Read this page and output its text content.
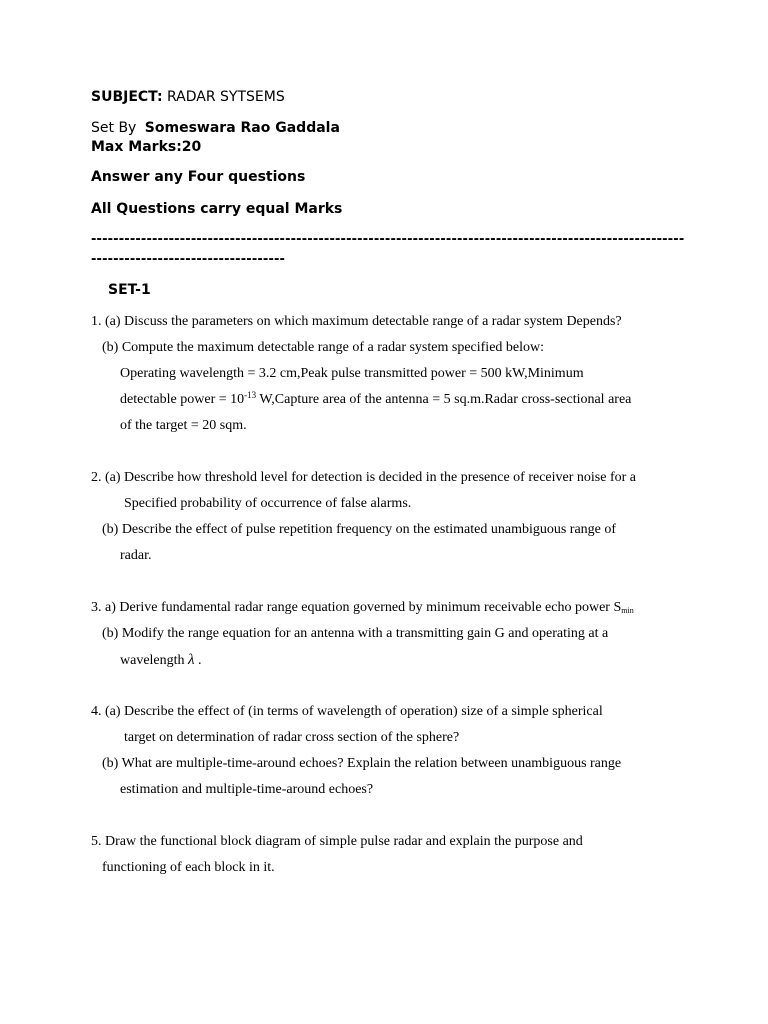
SUBJECT: RADAR SYTSEMS
Set By Someswara Rao Gaddala
Max Marks:20
Answer any Four questions
All Questions carry equal Marks
-----------------------------------------------------------------------------------------------------------
-----------------------------------
SET-1
1. (a) Discuss the parameters on which maximum detectable range of a radar system Depends?
(b) Compute the maximum detectable range of a radar system specified below:
Operating wavelength = 3.2 cm,Peak pulse transmitted power = 500 kW,Minimum
detectable power = $10^{-13}$ W,Capture area of the antenna = 5 sq.m.Radar cross-sectional area
of the target = 20 sqm.
2. (a) Describe how threshold level for detection is decided in the presence of receiver noise for a
Specified probability of occurrence of false alarms.
(b) Describe the effect of pulse repetition frequency on the estimated unambiguous range of
radar.
3. a) Derive fundamental radar range equation governed by minimum receivable echo power $S_{min}$
(b) Modify the range equation for an antenna with a transmitting gain G and operating at a
wavelength λ .
4. (a) Describe the effect of (in terms of wavelength of operation) size of a simple spherical
target on determination of radar cross section of the sphere?
(b) What are multiple-time-around echoes? Explain the relation between unambiguous range
estimation and multiple-time-around echoes?
5. Draw the functional block diagram of simple pulse radar and explain the purpose and
functioning of each block in it.
